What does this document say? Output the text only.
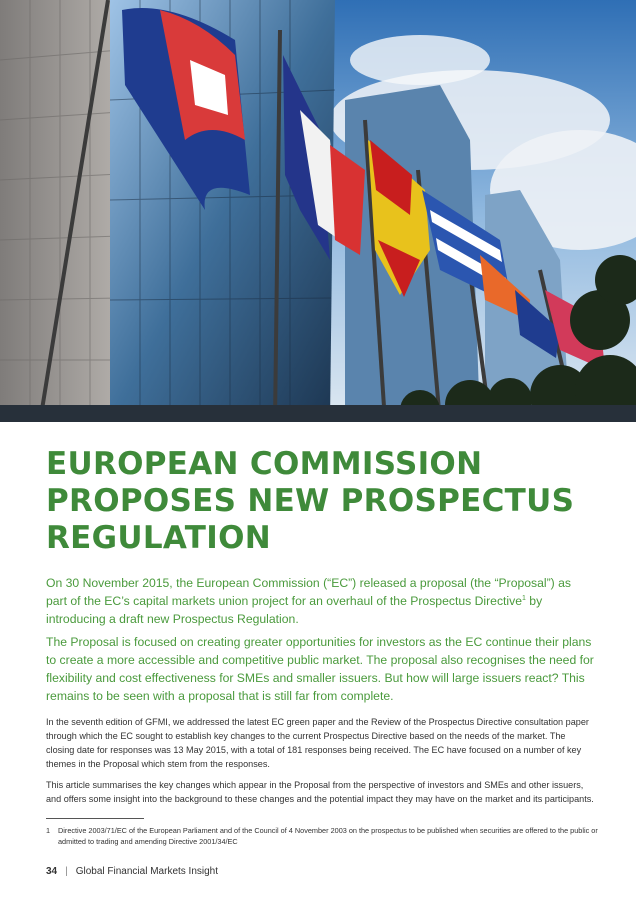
EUROPEAN COMMISSION
PROPOSES NEW PROSPECTUS
REGULATION

On 30 November 2015, the European Commission (“EC”) released a proposal (the “Proposal”) as part of the EC’s capital markets union project for an overhaul of the Prospectus Directive$^1$ by introducing a draft new Prospectus Regulation.

The Proposal is focused on creating greater opportunities for investors as the EC continue their plans to create a more accessible and competitive public market. The proposal also recognises the need for flexibility and cost effectiveness for SMEs and smaller issuers. But how will large issuers react? This remains to be seen with a proposal that is still far from complete.

In the seventh edition of GFMI, we addressed the latest EC green paper and the Review of the Prospectus Directive consultation paper through which the EC sought to establish key changes to the current Prospectus Directive based on the needs of the market. The closing date for responses was 13 May 2015, with a total of 181 responses being received. The EC have focused on a number of key themes in the Proposal which stem from the responses.

This article summarises the key changes which appear in the Proposal from the perspective of investors and SMEs and other issuers, and offers some insight into the background to these changes and the potential impact they may have on the market and its participants.

1	Directive 2003/71/EC of the European Parliament and of the Council of 4 November 2003 on the prospectus to be published when securities are offered to the public or admitted to trading and amending Directive 2001/34/EC
34 | Global Financial Markets Insight
